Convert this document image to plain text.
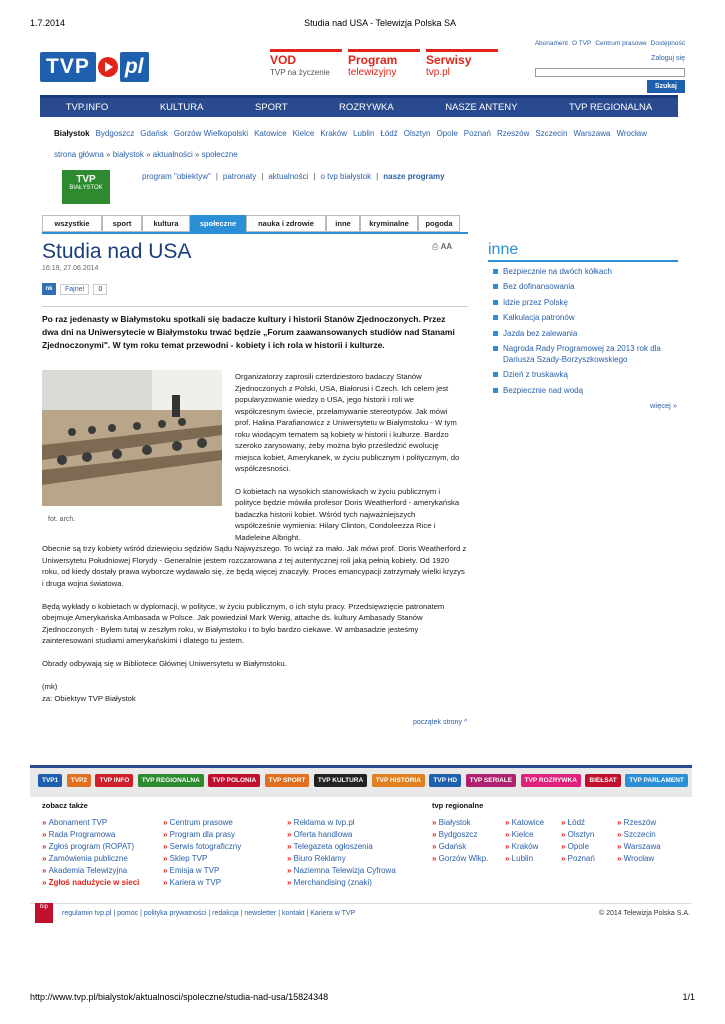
1.7.2014	Studia nad USA - Telewizja Polska SA
Abonament O TVP Centrum prasowe Dostępność
TVP pl	VOD
TVP na życzenie
Program
telewizyjny
Serwisy
tvp.pl
Zaloguj się
Szukaj
TVP.INFO	KULTURA	SPORT	ROZRYWKA	NASZE ANTENY	TVP REGIONALNA
Białystok Bydgoszcz Gdańsk Gorzów Wielkopolski Katowice Kielce Kraków Lublin Łódź Olsztyn Opole Poznań Rzeszów Szczecin Warszawa Wrocław
strona główna » białystok » aktualności » społeczne
TVP
BIAŁYSTOK
program "obiektyw" | patronaty | aktualności | o tvp białystok | nasze programy
wszystkie	sport	kultura	społeczne	nauka i zdrowie	inne	kryminalne	pogoda
Studia nad USA	⎙ AA
16:19, 27.06.2014
nk	Fajne!	0

Po raz jedenasty w Białymstoku spotkali się badacze kultury i historii Stanów Zjednoczonych. Przez dwa dni na Uniwersytecie w Białymstoku trwać będzie „Forum zaawansowanych studiów nad Stanami Zjednoczonymi". W tym roku temat przewodni - kobiety i ich rola w historii i kulturze.

fot. arch.

Organizatorzy zaprosili czterdziestoro badaczy Stanów Zjednoczonych z Polski, USA, Białorusi i Czech. Ich celem jest popularyzowanie wiedzy o USA, jego historii i roli we współczesnym świecie, przełamywanie stereotypów. Jak mówi prof. Halina Parafianowicz z Uniwersytetu w Białymstoku - W tym roku wiodącym tematem są kobiety w historii i kulturze. Bardzo szeroko zarysowany, żeby można było prześledzić ewolucję miejsca kobiet, Amerykanek, w życiu publicznym i politycznym, do współczesności.

O kobietach na wysokich stanowiskach w życiu publicznym i polityce będzie mówiła profesor Doris Weatherford - amerykańska badaczka historii kobiet. Wśród tych najważniejszych współcześnie wymienia: Hilary Clinton, Condoleezza Rice i Madeleine Albright.

Obecnie są trzy kobiety wśród dziewięciu sędziów Sądu Najwyższego. To wciąż za mało. Jak mówi prof. Doris Weatherford z Uniwersytetu Południowej Florydy - Generalnie jestem rozczarowana z tej autentycznej roli jaką pełnią kobiety. Od 1920 roku, od kiedy dostały prawa wyborcze wydawało się, że będą więcej znaczyły. Proces emancypacji zatrzymały wielki kryzys i druga wojna światowa.

Będą wykłady o kobietach w dyplomacji, w polityce, w życiu publicznym, o ich stylu pracy. Przedsięwzięcie patronatem obejmuje Amerykańska Ambasada w Polsce. Jak powiedział Mark Wenig, attache ds. kultury Ambasady Stanów Zjednoczonych - Byłem tutaj w zeszłym roku, w Białymstoku i to było bardzo ciekawe. W ambasadzie jesteśmy zainteresowani studiami amerykańskimi i dlatego tu jestem.

Obrady odbywają się w Bibliotece Głównej Uniwersytetu w Białymstoku.

(mk)
za: Obiektyw TVP Białystok
początek strony ^
inne
Bezpiecznie na dwóch kółkach
Bez dofinansowania
Idzie przez Polskę
Kalkulacja patronów
Jazda bez zalewania
Nagroda Rady Programowej za 2013 rok dla Dariusza Szady-Borzyszkowskiego
Dzień z truskawką
Bezpiecznie nad wodą
więcej »
TVP1	TVP2	TVP INFO	TVP REGIONALNA	TVP POLONIA	TVP SPORT	TVP KULTURA	TVP HISTORIA	TVP HD	TVP SERIALE	TVP ROZRYWKA	BIEŁSAT	TVP PARLAMENT
zobacz także	tvp regionalne
» Abonament TVP
» Rada Programowa
» Zgłoś program (ROPAT)
» Zamówienia publiczne
» Akademia Telewizyjna
» Zgłoś nadużycie w sieci
» Centrum prasowe
» Program dla prasy
» Serwis fotograficzny
» Sklep TVP
» Emisja w TVP
» Kariera w TVP
» Reklama w tvp.pl
» Oferta handlowa
» Telegazeta ogłoszenia
» Biuro Reklamy
» Naziemna Telewizja Cyfrowa
» Merchandising (znaki)
» Białystok
» Bydgoszcz
» Gdańsk
» Gorzów Wlkp.
» Katowice
» Kielce
» Kraków
» Lublin
» Łódź
» Olsztyn
» Opole
» Poznań
» Rzeszów
» Szczecin
» Warszawa
» Wrocław
regulamin tvp.pl | pomoc | polityka prywatności | redakcja | newsletter | kontakt | Kariera w TVP	© 2014 Telewizja Polska S.A.
bip
http://www.tvp.pl/bialystok/aktualnosci/spoleczne/studia-nad-usa/15824348	1/1
